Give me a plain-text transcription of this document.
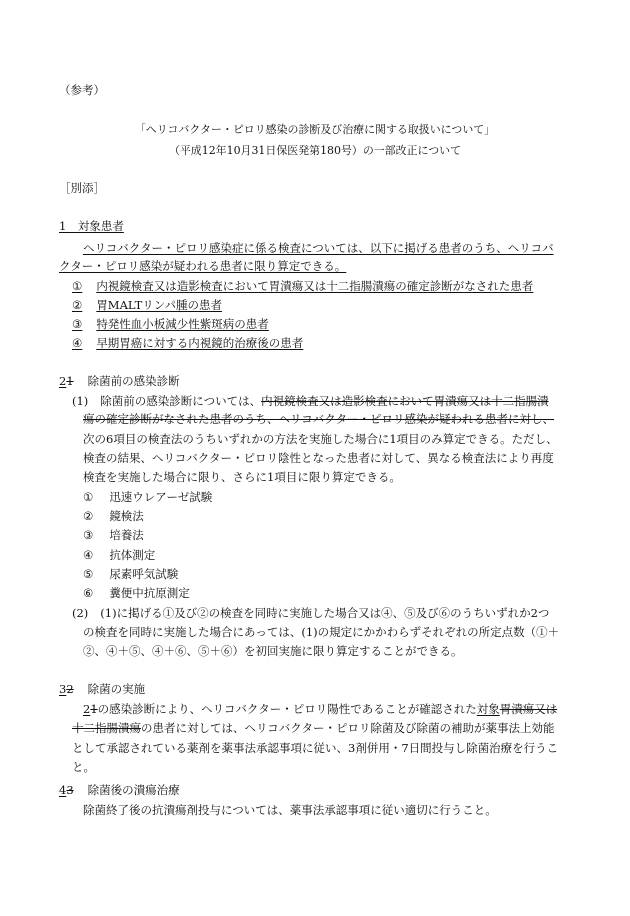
（参考）
「ヘリコバクター・ピロリ感染の診断及び治療に関する取扱いについて」
（平成12年10月31日保医発第180号）の一部改正について
［別添］
1　対象患者
ヘリコバクター・ピロリ感染症に係る検査については、以下に掲げる患者のうち、ヘリコバ
クター・ピロリ感染が疑われる患者に限り算定できる。
① 内視鏡検査又は造影検査において胃潰瘍又は十二指腸潰瘍の確定診断がなされた患者
② 胃MALTリンパ腫の患者
③ 特発性血小板減少性紫斑病の患者
④ 早期胃癌に対する内視鏡的治療後の患者
21 除菌前の感染診断
(1) 除菌前の感染診断については、内視鏡検査又は造影検査において胃潰瘍又は十二指腸潰
瘍の確定診断がなされた患者のうち、ヘリコバクター・ピロリ感染が疑われる患者に対し、
次の6項目の検査法のうちいずれかの方法を実施した場合に1項目のみ算定できる。ただし、
検査の結果、ヘリコバクター・ピロリ陰性となった患者に対して、異なる検査法により再度
検査を実施した場合に限り、さらに1項目に限り算定できる。
① 迅速ウレアーゼ試験
② 鏡検法
③ 培養法
④ 抗体測定
⑤ 尿素呼気試験
⑥ 糞便中抗原測定
(2) (1)に掲げる①及び②の検査を同時に実施した場合又は④、⑤及び⑥のうちいずれか2つ
の検査を同時に実施した場合にあっては、(1)の規定にかかわらずそれぞれの所定点数（①＋
②、④＋⑤、④＋⑥、⑤＋⑥）を初回実施に限り算定することができる。
32 除菌の実施
21の感染診断により、ヘリコバクター・ピロリ陽性であることが確認された対象胃潰瘍又は
十二指腸潰瘍の患者に対しては、ヘリコバクター・ピロリ除菌及び除菌の補助が薬事法上効能
として承認されている薬剤を薬事法承認事項に従い、3剤併用・7日間投与し除菌治療を行うこ
と。
43 除菌後の潰瘍治療
除菌終了後の抗潰瘍剤投与については、薬事法承認事項に従い適切に行うこと。
